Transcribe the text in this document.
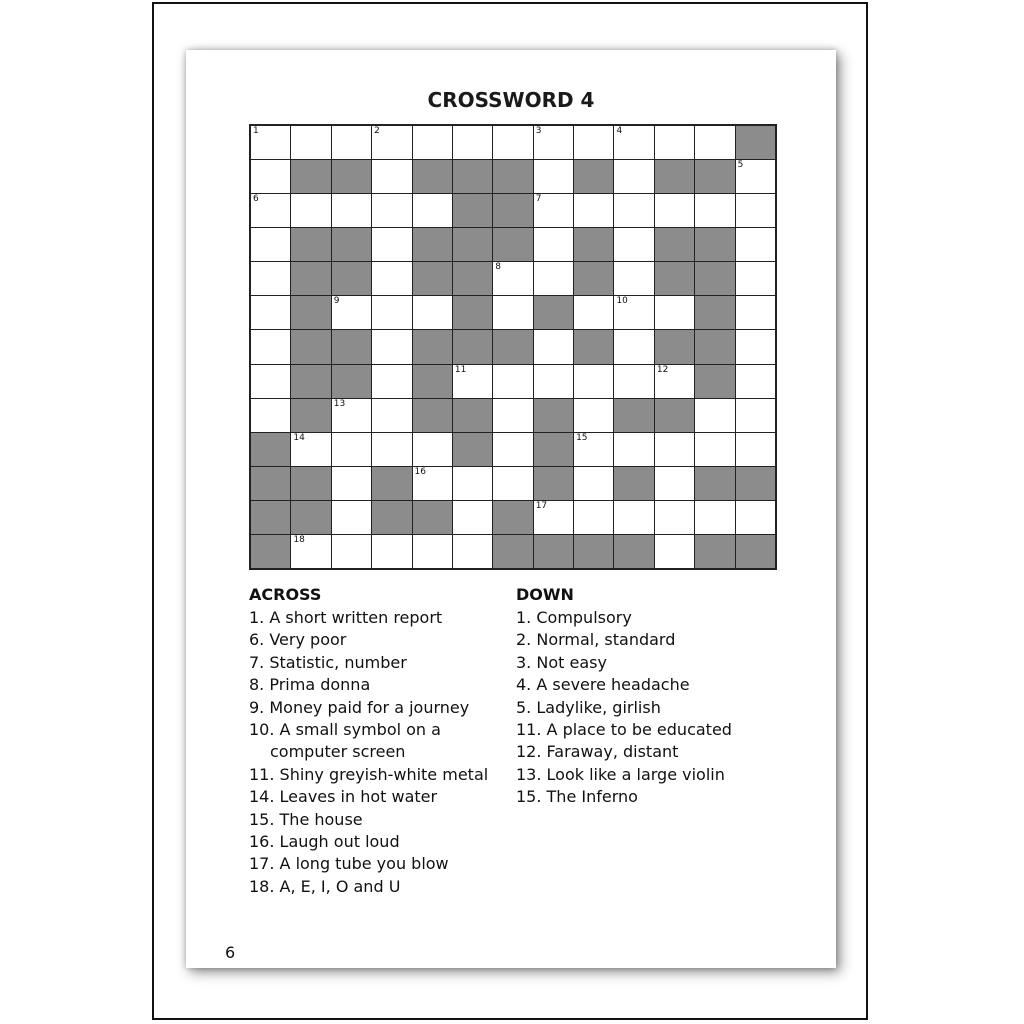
CROSSWORD 4
1	2	3	4
5
6	7
8
9	10
11	12
13
14	15
16
17
18
ACROSS
1. A short written report
6. Very poor
7. Statistic, number
8. Prima donna
9. Money paid for a journey
10. A small symbol on a
computer screen
11. Shiny greyish-white metal
14. Leaves in hot water
15. The house
16. Laugh out loud
17. A long tube you blow
18. A, E, I, O and U
DOWN
1. Compulsory
2. Normal, standard
3. Not easy
4. A severe headache
5. Ladylike, girlish
11. A place to be educated
12. Faraway, distant
13. Look like a large violin
15. The Inferno
6
